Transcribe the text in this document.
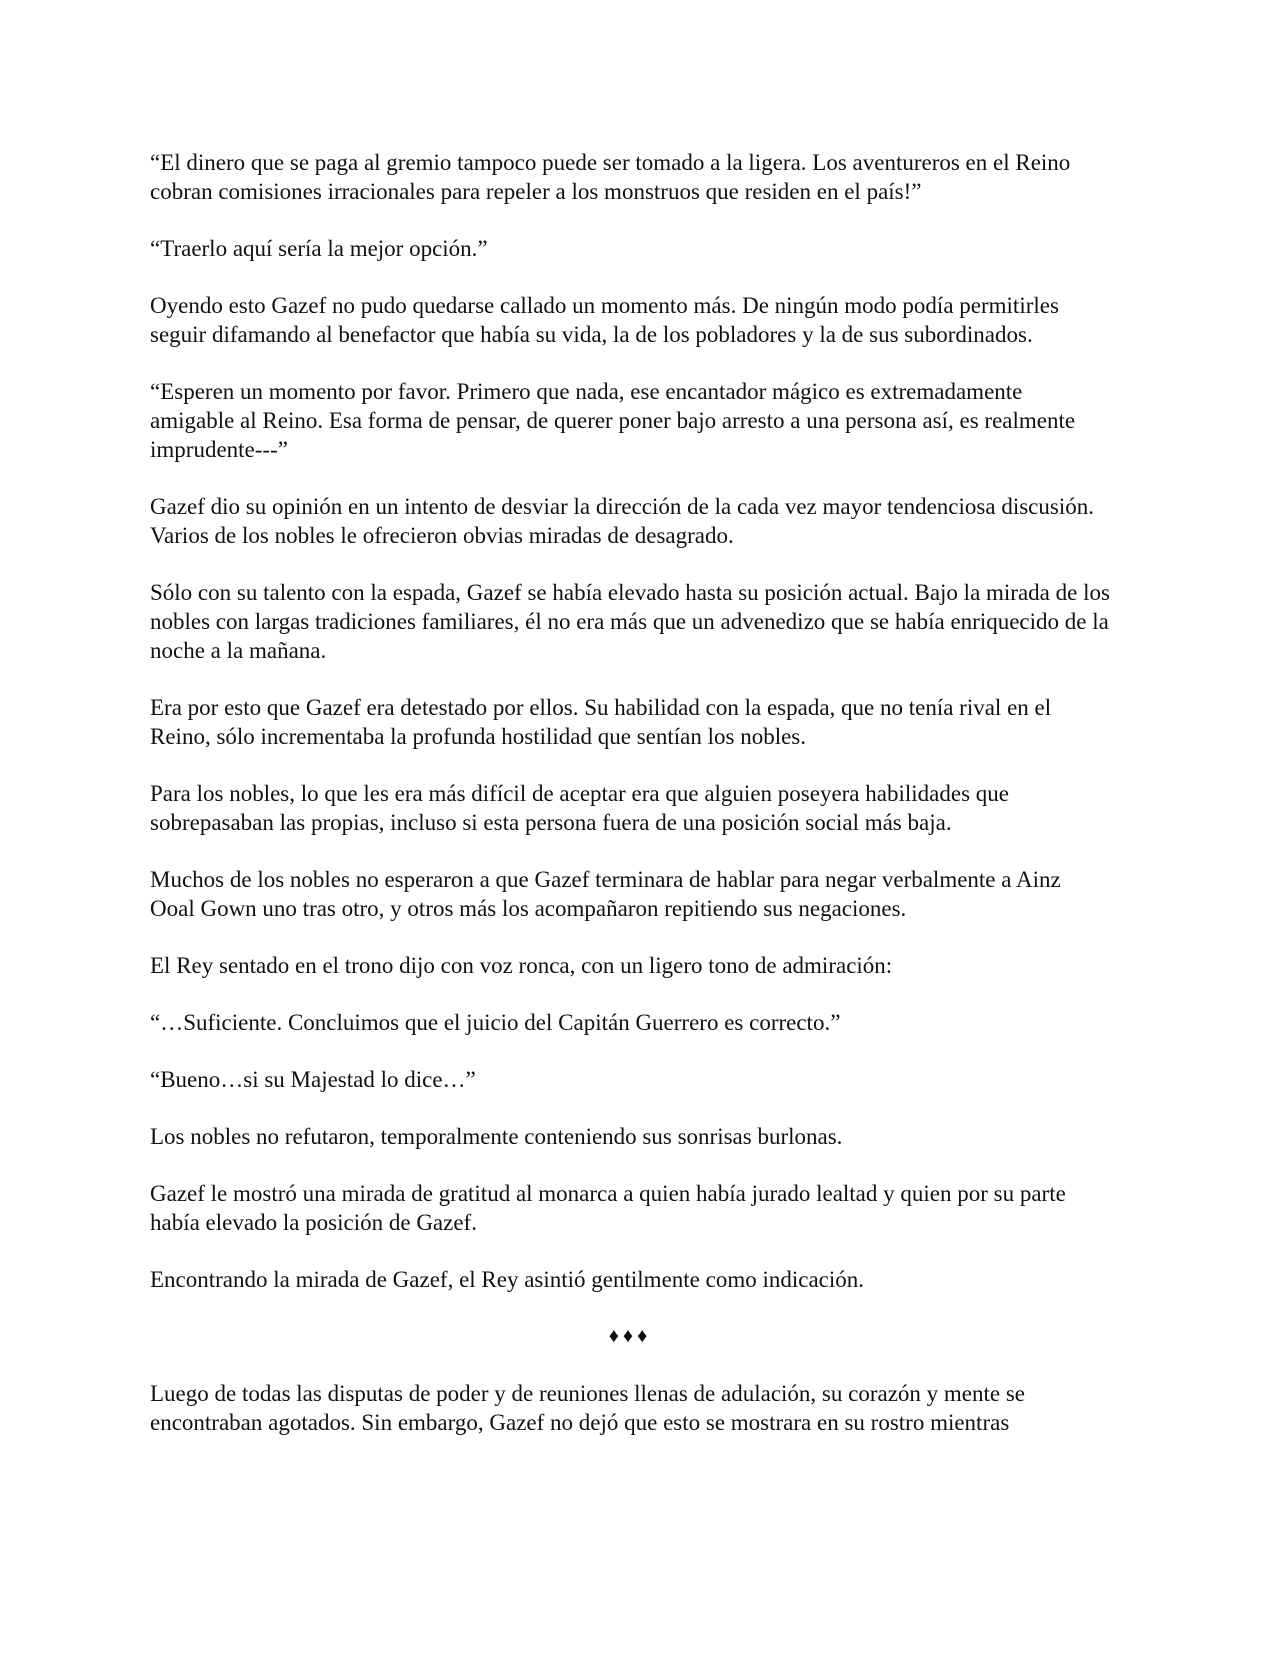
“El dinero que se paga al gremio tampoco puede ser tomado a la ligera. Los aventureros en el Reino cobran comisiones irracionales para repeler a los monstruos que residen en el país!”

“Traerlo aquí sería la mejor opción.”

Oyendo esto Gazef no pudo quedarse callado un momento más. De ningún modo podía permitirles seguir difamando al benefactor que había su vida, la de los pobladores y la de sus subordinados.

“Esperen un momento por favor. Primero que nada, ese encantador mágico es extremadamente amigable al Reino. Esa forma de pensar, de querer poner bajo arresto a una persona así, es realmente imprudente---”

Gazef dio su opinión en un intento de desviar la dirección de la cada vez mayor tendenciosa discusión. Varios de los nobles le ofrecieron obvias miradas de desagrado.

Sólo con su talento con la espada, Gazef se había elevado hasta su posición actual. Bajo la mirada de los nobles con largas tradiciones familiares, él no era más que un advenedizo que se había enriquecido de la noche a la mañana.

Era por esto que Gazef era detestado por ellos. Su habilidad con la espada, que no tenía rival en el Reino, sólo incrementaba la profunda hostilidad que sentían los nobles.

Para los nobles, lo que les era más difícil de aceptar era que alguien poseyera habilidades que sobrepasaban las propias, incluso si esta persona fuera de una posición social más baja.

Muchos de los nobles no esperaron a que Gazef terminara de hablar para negar verbalmente a Ainz Ooal Gown uno tras otro, y otros más los acompañaron repitiendo sus negaciones.

El Rey sentado en el trono dijo con voz ronca, con un ligero tono de admiración:

“…Suficiente. Concluimos que el juicio del Capitán Guerrero es correcto.”

“Bueno…si su Majestad lo dice…”

Los nobles no refutaron, temporalmente conteniendo sus sonrisas burlonas.

Gazef le mostró una mirada de gratitud al monarca a quien había jurado lealtad y quien por su parte había elevado la posición de Gazef.

Encontrando la mirada de Gazef, el Rey asintió gentilmente como indicación.

♦♦♦

Luego de todas las disputas de poder y de reuniones llenas de adulación, su corazón y mente se encontraban agotados. Sin embargo, Gazef no dejó que esto se mostrara en su rostro mientras
